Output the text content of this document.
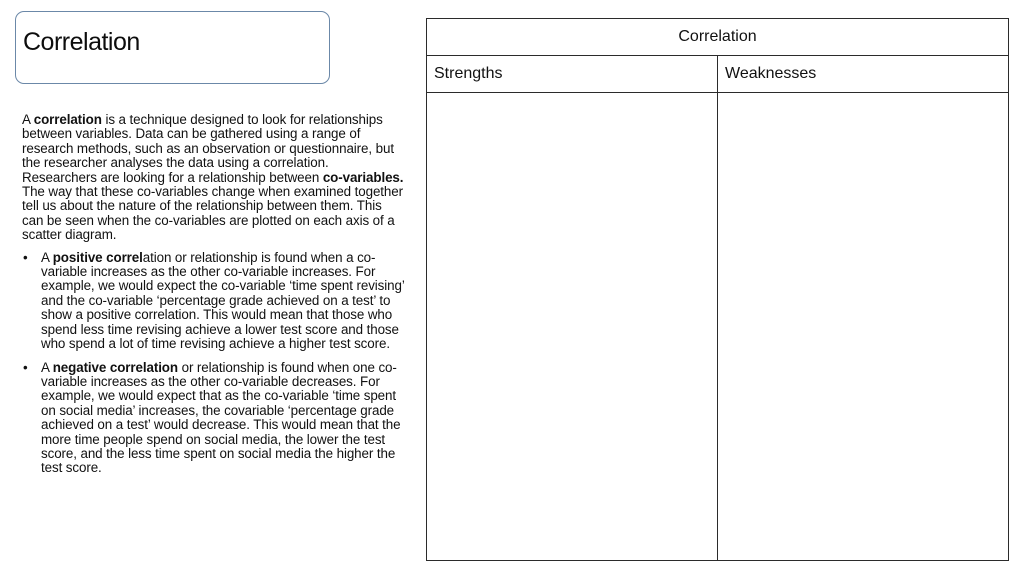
Correlation

A correlation is a technique designed to look for relationships between variables. Data can be gathered using a range of research methods, such as an observation or questionnaire, but the researcher analyses the data using a correlation. Researchers are looking for a relationship between co-variables. The way that these co-variables change when examined together tell us about the nature of the relationship between them. This can be seen when the co-variables are plotted on each axis of a scatter diagram.

• A positive correlation or relationship is found when a co-variable increases as the other co-variable increases. For example, we would expect the co-variable ‘time spent revising’ and the co-variable ‘percentage grade achieved on a test’ to show a positive correlation. This would mean that those who spend less time revising achieve a lower test score and those who spend a lot of time revising achieve a higher test score.
• A negative correlation or relationship is found when one co-variable increases as the other co-variable decreases. For example, we would expect that as the co-variable ‘time spent on social media’ increases, the covariable ‘percentage grade achieved on a test’ would decrease. This would mean that the more time people spend on social media, the lower the test score, and the less time spent on social media the higher the test score.
Correlation	
Strengths	Weaknesses
